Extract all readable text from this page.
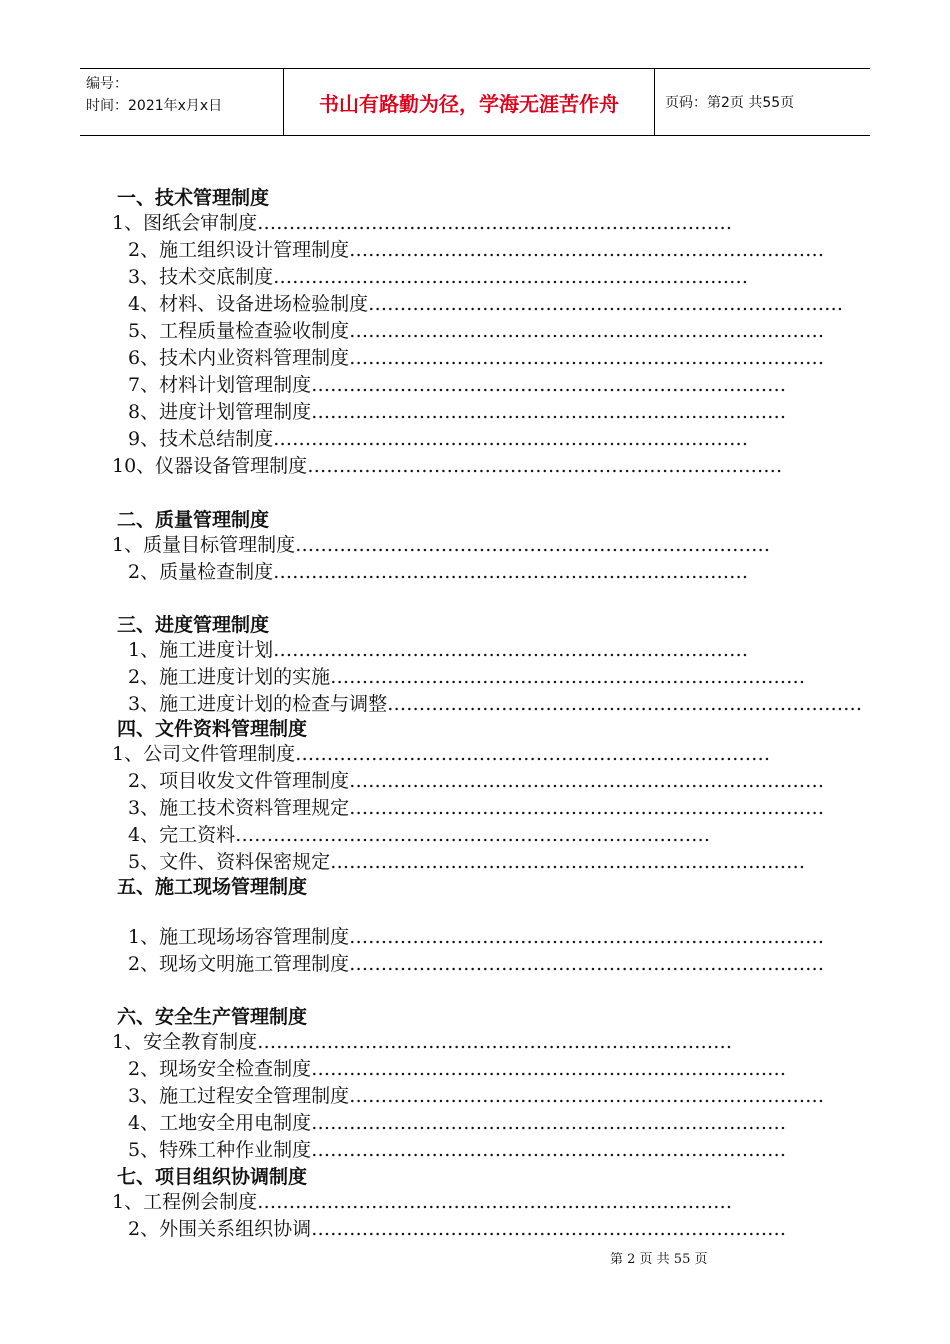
编号：
时间：2021年x月x日	书山有路勤为径，学海无涯苦作舟	页码：第2页 共55页
一、技术管理制度
1、图纸会审制度…………………………………………………………………
2、施工组织设计管理制度…………………………………………………………………
3、技术交底制度…………………………………………………………………
4、材料、设备进场检验制度…………………………………………………………………
5、工程质量检查验收制度…………………………………………………………………
6、技术内业资料管理制度…………………………………………………………………
7、材料计划管理制度…………………………………………………………………
8、进度计划管理制度…………………………………………………………………
9、技术总结制度…………………………………………………………………
10、仪器设备管理制度…………………………………………………………………
二、质量管理制度
1、质量目标管理制度…………………………………………………………………
2、质量检查制度…………………………………………………………………
三、进度管理制度
1、施工进度计划…………………………………………………………………
2、施工进度计划的实施…………………………………………………………………
3、施工进度计划的检查与调整…………………………………………………………………
四、文件资料管理制度
1、公司文件管理制度…………………………………………………………………
2、项目收发文件管理制度…………………………………………………………………
3、施工技术资料管理规定…………………………………………………………………
4、完工资料…………………………………………………………………
5、文件、资料保密规定…………………………………………………………………
五、施工现场管理制度
1、施工现场场容管理制度…………………………………………………………………
2、现场文明施工管理制度…………………………………………………………………
六、安全生产管理制度
1、安全教育制度…………………………………………………………………
2、现场安全检查制度…………………………………………………………………
3、施工过程安全管理制度…………………………………………………………………
4、工地安全用电制度…………………………………………………………………
5、特殊工种作业制度…………………………………………………………………
七、项目组织协调制度
1、工程例会制度…………………………………………………………………
2、外围关系组织协调…………………………………………………………………
第 2 页 共 55 页
